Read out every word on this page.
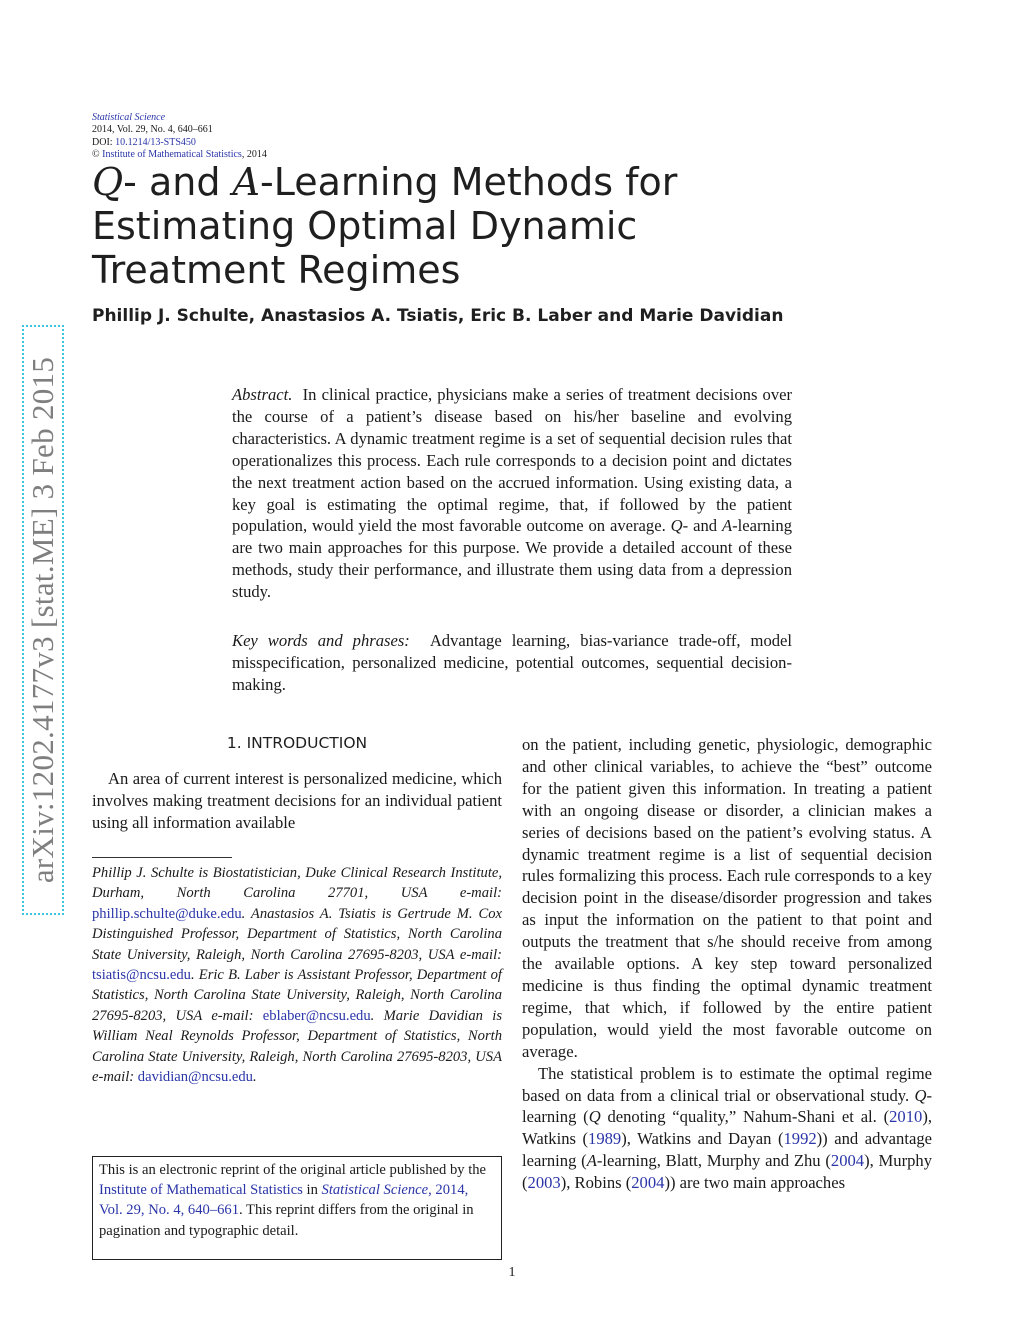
arXiv:1202.4177v3 [stat.ME] 3 Feb 2015
Statistical Science
2014, Vol. 29, No. 4, 640–661
DOI: 10.1214/13-STS450
© Institute of Mathematical Statistics, 2014
Q- and A-Learning Methods for
Estimating Optimal Dynamic
Treatment Regimes
Phillip J. Schulte, Anastasios A. Tsiatis, Eric B. Laber and Marie Davidian
Abstract. In clinical practice, physicians make a series of treatment decisions over the course of a patient’s disease based on his/her baseline and evolving characteristics. A dynamic treatment regime is a set of sequential decision rules that operationalizes this process. Each rule corresponds to a decision point and dictates the next treatment action based on the accrued information. Using existing data, a key goal is estimating the optimal regime, that, if followed by the patient population, would yield the most favorable outcome on average. Q- and A-learning are two main approaches for this purpose. We provide a detailed account of these methods, study their performance, and illustrate them using data from a depression study.
Key words and phrases: Advantage learning, bias-variance trade-off, model misspecification, personalized medicine, potential outcomes, sequential decision-making.
1. INTRODUCTION
An area of current interest is personalized medicine, which involves making treatment decisions for an individual patient using all information available
Phillip J. Schulte is Biostatistician, Duke Clinical Research Institute, Durham, North Carolina 27701, USA e-mail: phillip.schulte@duke.edu. Anastasios A. Tsiatis is Gertrude M. Cox Distinguished Professor, Department of Statistics, North Carolina State University, Raleigh, North Carolina 27695-8203, USA e-mail: tsiatis@ncsu.edu. Eric B. Laber is Assistant Professor, Department of Statistics, North Carolina State University, Raleigh, North Carolina 27695-8203, USA e-mail: eblaber@ncsu.edu. Marie Davidian is William Neal Reynolds Professor, Department of Statistics, North Carolina State University, Raleigh, North Carolina 27695-8203, USA e-mail: davidian@ncsu.edu.
This is an electronic reprint of the original article published by the Institute of Mathematical Statistics in Statistical Science, 2014, Vol. 29, No. 4, 640–661. This reprint differs from the original in pagination and typographic detail.

on the patient, including genetic, physiologic, demographic and other clinical variables, to achieve the “best” outcome for the patient given this information. In treating a patient with an ongoing disease or disorder, a clinician makes a series of decisions based on the patient’s evolving status. A dynamic treatment regime is a list of sequential decision rules formalizing this process. Each rule corresponds to a key decision point in the disease/disorder progression and takes as input the information on the patient to that point and outputs the treatment that s/he should receive from among the available options. A key step toward personalized medicine is thus finding the optimal dynamic treatment regime, that which, if followed by the entire patient population, would yield the most favorable outcome on average.

The statistical problem is to estimate the optimal regime based on data from a clinical trial or observational study. Q-learning (Q denoting “quality,” Nahum-Shani et al. (2010), Watkins (1989), Watkins and Dayan (1992)) and advantage learning (A-learning, Blatt, Murphy and Zhu (2004), Murphy (2003), Robins (2004)) are two main approaches

1
